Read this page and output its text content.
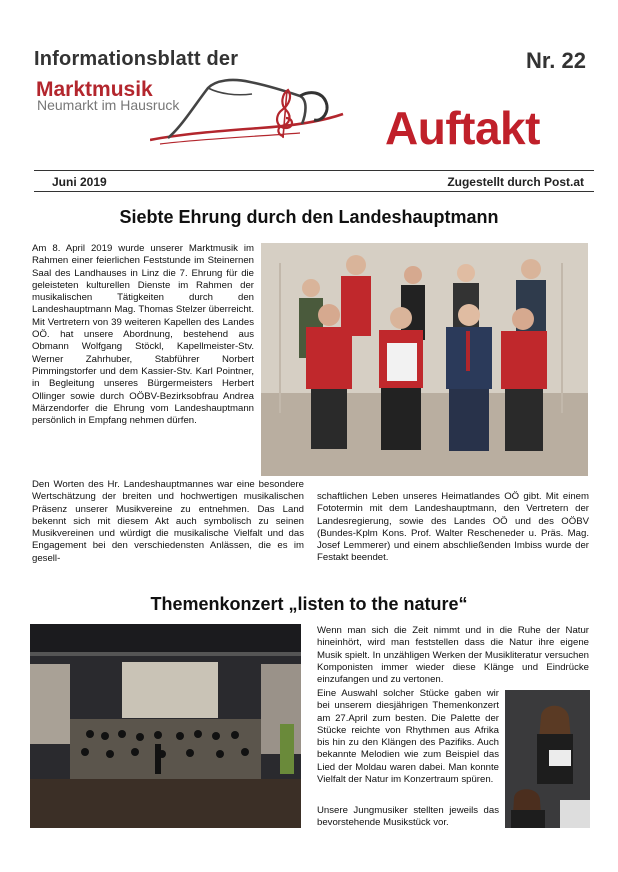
Informationsblatt der	Nr. 22
Marktmusik
Neumarkt im Hausruck	Auftakt
Juni 2019	Zugestellt durch Post.at
Siebte Ehrung durch den Landeshauptmann
Am 8. April 2019 wurde unserer Marktmusik im Rahmen einer feierlichen Feststunde im Steinernen Saal des Landhauses in Linz die 7. Ehrung für die geleisteten kulturellen Dienste im Rahmen der musikalischen Tätigkeiten durch den Landeshauptmann Mag. Thomas Stelzer überreicht. Mit Vertretern von 39 weiteren Kapellen des Landes OÖ. hat unsere Abordnung, bestehend aus Obmann Wolfgang Stöckl, Kapellmeister-Stv. Werner Zahrhuber, Stabführer Norbert Pimmingstorfer und dem Kassier-Stv. Karl Pointner, in Begleitung unseres Bürgermeisters Herbert Ollinger sowie durch OÖBV-Bezirksobfrau Andrea Märzendorfer die Ehrung vom Landeshauptmann persönlich in Empfang nehmen dürfen.
Den Worten des Hr. Landeshauptmannes war eine besondere Wertschätzung der breiten und hochwertigen musikalischen Präsenz unserer Musikvereine zu entnehmen. Das Land bekennt sich mit diesem Akt auch symbolisch zu seinen Musikvereinen und würdigt die musikalische Vielfalt und das Engagement bei den verschiedensten Anlässen, die es im gesell-
schaftlichen Leben unseres Heimatlandes OÖ gibt. Mit einem Fototermin mit dem Landeshauptmann, den Vertretern der Landesregierung, sowie des Landes OÖ und des OÖBV (Bundes-Kplm Kons. Prof. Walter Rescheneder u. Präs. Mag. Josef Lemmerer) und einem abschließenden Imbiss wurde der Festakt beendet.
Themenkonzert „listen to the nature“
Wenn man sich die Zeit nimmt und in die Ruhe der Natur hineinhört, wird man feststellen dass die Natur ihre eigene Musik spielt. In unzähligen Werken der Musikliteratur versuchen Komponisten immer wieder diese Klänge und Eindrücke einzufangen und zu vertonen.
Eine Auswahl solcher Stücke gaben wir bei unserem diesjährigen Themenkonzert am 27.April zum besten. Die Palette der Stücke reichte von Rhythmen aus Afrika bis hin zu den Klängen des Pazifiks. Auch bekannte Melodien wie zum Beispiel das Lied der Moldau waren dabei. Man konnte Vielfalt der Natur im Konzertraum spüren.
Unsere Jungmusiker stellten jeweils das bevorstehende Musikstück vor.
